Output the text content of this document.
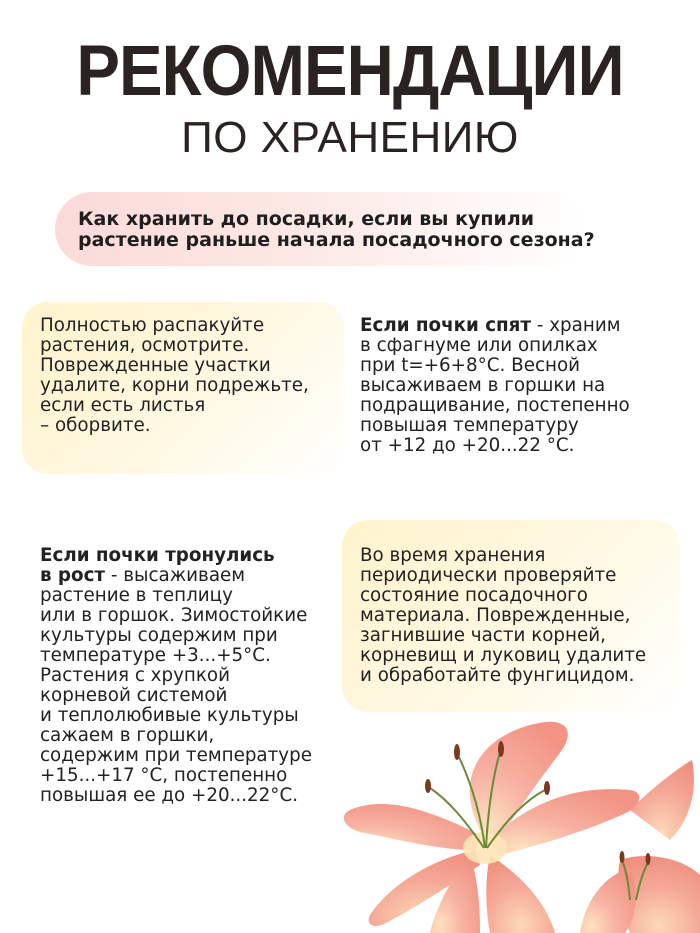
РЕКОМЕНДАЦИИ
ПО ХРАНЕНИЮ

Как хранить до посадки, если вы купили
растение раньше начала посадочного сезона?

Полностью распакуйте
растения, осмотрите.
Поврежденные участки
удалите, корни подрежьте,
если есть листья
– оборвите.

Если почки спят - храним
в сфагнуме или опилках
при t=+6+8°С. Весной
высаживаем в горшки на
подращивание, постепенно
повышая температуру
от +12 до +20...22 °С.

Если почки тронулись
в рост - высаживаем
растение в теплицу
или в горшок. Зимостойкие
культуры содержим при
температуре +3...+5°С.
Растения с хрупкой
корневой системой
и теплолюбивые культуры
сажаем в горшки,
содержим при температуре
+15...+17 °С, постепенно
повышая ее до +20...22°С.

Во время хранения
периодически проверяйте
состояние посадочного
материала. Поврежденные,
загнившие части корней,
корневищ и луковиц удалите
и обработайте фунгицидом.
